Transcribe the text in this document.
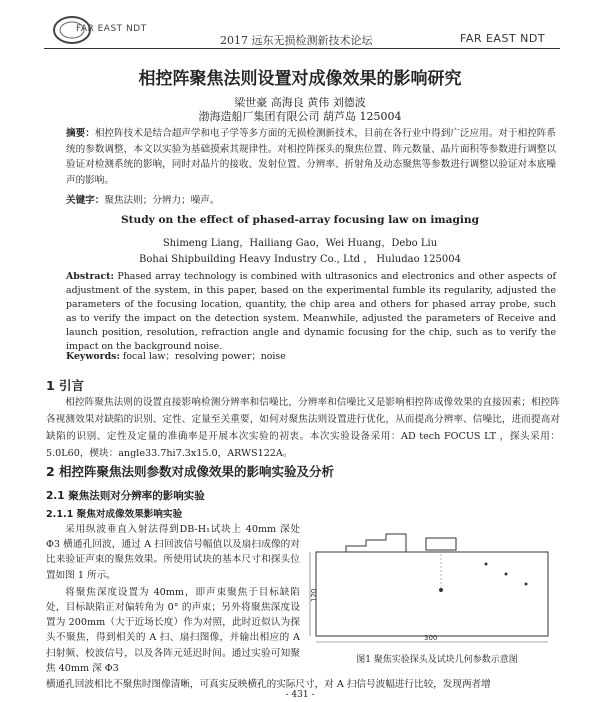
FAR EAST NDT
2017 远东无损检测新技术论坛	FAR EAST NDT
相控阵聚焦法则设置对成像效果的影响研究
梁世豪 高海良 黄伟 刘德波
渤海造船厂集团有限公司 葫芦岛 125004
摘要：相控阵技术是结合超声学和电子学等多方面的无损检测新技术，目前在各行业中得到广泛应用。对于相控阵系统的参数调整，本文以实验为基础摸索其规律性。对相控阵探头的聚焦位置、阵元数量、晶片面积等参数进行调整以验证对检测系统的影响，同时对晶片的接收、发射位置、分辨率、折射角及动态聚焦等参数进行调整以验证对本底噪声的影响。
关键字：聚焦法则；分辨力；噪声。
Study on the effect of phased-array focusing law on imaging
Shimeng Liang，Hailiang Gao，Wei Huang，Debo Liu
Bohai Shipbuilding Heavy Industry Co., Ltd ， Huludao 125004
Abstract: Phased array technology is combined with ultrasonics and electronics and other aspects of adjustment of the system, in this paper, based on the experimental fumble its regularity, adjusted the parameters of the focusing location, quantity, the chip area and others for phased array probe, such as to verify the impact on the detection system. Meanwhile, adjusted the parameters of Receive and launch position, resolution, refraction angle and dynamic focusing for the chip, such as to verify the impact on the background noise.
Keywords: focal law；resolving power；noise
1 引言
相控阵聚焦法则的设置直接影响检测分辨率和信噪比，分辨率和信噪比又是影响相控阵成像效果的直接因素；相控阵各视测效果对缺陷的识别、定性、定量至关重要，如何对聚焦法则设置进行优化，从而提高分辨率、信噪比，进而提高对缺陷的识别、定性及定量的准确率是开展本次实验的初衷。本次实验设备采用：AD tech FOCUS LT ，探头采用：5.0L60，楔块：angle33.7hi7.3x15.0，ARWS122A。
2 相控阵聚焦法则参数对成像效果的影响实验及分析
2.1 聚焦法则对分辨率的影响实验
2.1.1 聚焦对成像效果影响实验

采用纵波垂直入射法得到DB-H₁试块上 40mm 深处 Φ3 横通孔回波，通过 A 扫回波信号幅值以及扇扫成像的对比来验证声束的聚焦效果。所使用试块的基本尺寸和探头位置如图 1 所示。

将聚焦深度设置为 40mm，即声束聚焦于目标缺陷处，目标缺陷正对偏转角为 0° 的声束；另外将聚焦深度设置为 200mm（大于近场长度）作为对照，此时近似认为探头不聚焦，得到相关的 A 扫、扇扫图像，并输出相应的 A 扫射频、校波信号，以及各阵元延迟时间。通过实验可知聚焦 40mm 深 Φ3

300
120
图1 聚焦实验探头及试块几何参数示意图
横通孔回波相比不聚焦时图像清晰，可真实反映横孔的实际尺寸，对 A 扫信号波幅进行比较，发现两者增
- 431 -
